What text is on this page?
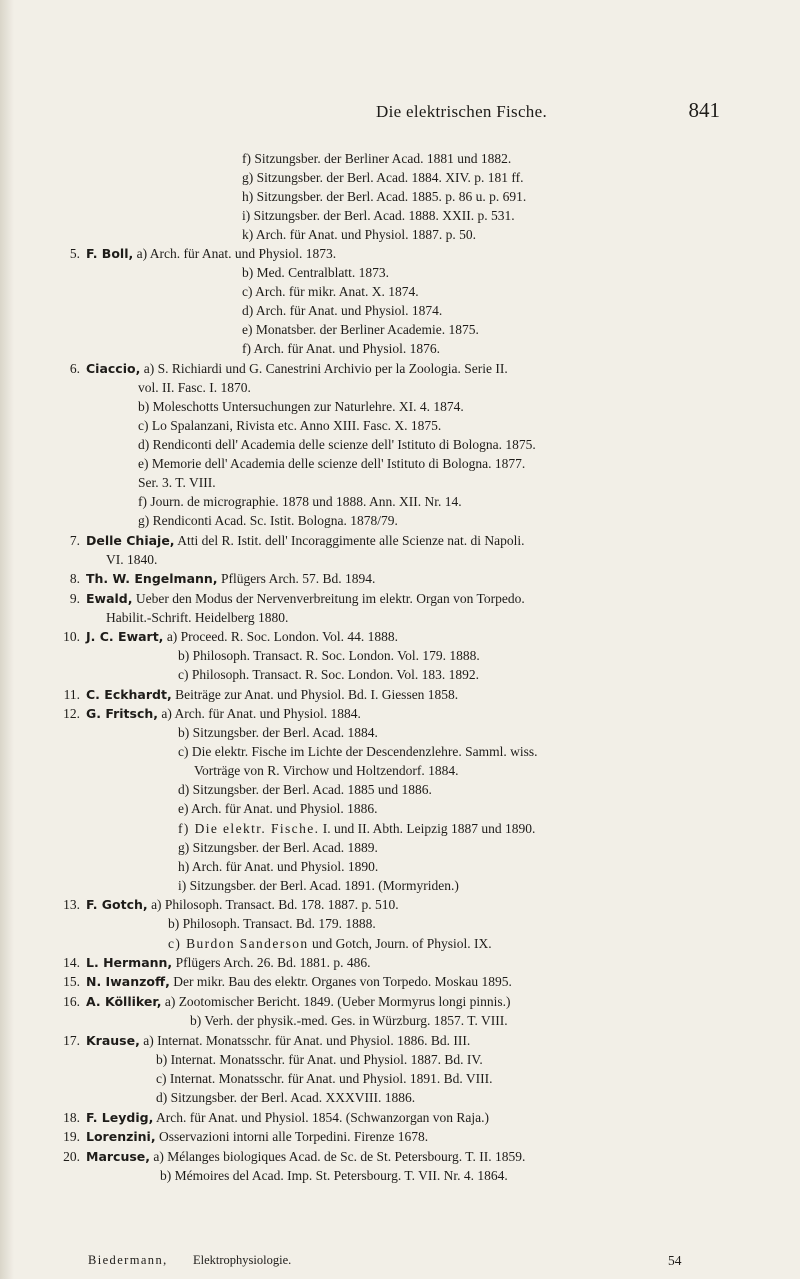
Die elektrischen Fische.	841
f) Sitzungsber. der Berliner Acad. 1881 und 1882.
g) Sitzungsber. der Berl. Acad. 1884. XIV. p. 181 ff.
h) Sitzungsber. der Berl. Acad. 1885. p. 86 u. p. 691.
i) Sitzungsber. der Berl. Acad. 1888. XXII. p. 531.
k) Arch. für Anat. und Physiol. 1887. p. 50.
5. F. Boll, a) Arch. für Anat. und Physiol. 1873.
b) Med. Centralblatt. 1873.
c) Arch. für mikr. Anat. X. 1874.
d) Arch. für Anat. und Physiol. 1874.
e) Monatsber. der Berliner Academie. 1875.
f) Arch. für Anat. und Physiol. 1876.
6. Ciaccio, a) S. Richiardi und G. Canestrini Archivio per la Zoologia. Serie II.
vol. II. Fasc. I. 1870.
b) Moleschotts Untersuchungen zur Naturlehre. XI. 4. 1874.
c) Lo Spalanzani, Rivista etc. Anno XIII. Fasc. X. 1875.
d) Rendiconti dell' Academia delle scienze dell' Istituto di Bologna. 1875.
e) Memorie dell' Academia delle scienze dell' Istituto di Bologna. 1877.
Ser. 3. T. VIII.
f) Journ. de micrographie. 1878 und 1888. Ann. XII. Nr. 14.
g) Rendiconti Acad. Sc. Istit. Bologna. 1878/79.
7. Delle Chiaje, Atti del R. Istit. dell' Incoraggimente alle Scienze nat. di Napoli.
VI. 1840.
8. Th. W. Engelmann, Pflügers Arch. 57. Bd. 1894.
9. Ewald, Ueber den Modus der Nervenverbreitung im elektr. Organ von Torpedo.
Habilit.-Schrift. Heidelberg 1880.
10. J. C. Ewart, a) Proceed. R. Soc. London. Vol. 44. 1888.
b) Philosoph. Transact. R. Soc. London. Vol. 179. 1888.
c) Philosoph. Transact. R. Soc. London. Vol. 183. 1892.
11. C. Eckhardt, Beiträge zur Anat. und Physiol. Bd. I. Giessen 1858.
12. G. Fritsch, a) Arch. für Anat. und Physiol. 1884.
b) Sitzungsber. der Berl. Acad. 1884.
c) Die elektr. Fische im Lichte der Descendenzlehre. Samml. wiss.
Vorträge von R. Virchow und Holtzendorf. 1884.
d) Sitzungsber. der Berl. Acad. 1885 und 1886.
e) Arch. für Anat. und Physiol. 1886.
f) Die elektr. Fische. I. und II. Abth. Leipzig 1887 und 1890.
g) Sitzungsber. der Berl. Acad. 1889.
h) Arch. für Anat. und Physiol. 1890.
i) Sitzungsber. der Berl. Acad. 1891. (Mormyriden.)
13. F. Gotch, a) Philosoph. Transact. Bd. 178. 1887. p. 510.
b) Philosoph. Transact. Bd. 179. 1888.
c) Burdon Sanderson und Gotch, Journ. of Physiol. IX.
14. L. Hermann, Pflügers Arch. 26. Bd. 1881. p. 486.
15. N. Iwanzoff, Der mikr. Bau des elektr. Organes von Torpedo. Moskau 1895.
16. A. Kölliker, a) Zootomischer Bericht. 1849. (Ueber Mormyrus longi pinnis.)
b) Verh. der physik.-med. Ges. in Würzburg. 1857. T. VIII.
17. Krause, a) Internat. Monatsschr. für Anat. und Physiol. 1886. Bd. III.
b) Internat. Monatsschr. für Anat. und Physiol. 1887. Bd. IV.
c) Internat. Monatsschr. für Anat. und Physiol. 1891. Bd. VIII.
d) Sitzungsber. der Berl. Acad. XXXVIII. 1886.
18. F. Leydig, Arch. für Anat. und Physiol. 1854. (Schwanzorgan von Raja.)
19. Lorenzini, Osservazioni intorni alle Torpedini. Firenze 1678.
20. Marcuse, a) Mélanges biologiques Acad. de Sc. de St. Petersbourg. T. II. 1859.
b) Mémoires del Acad. Imp. St. Petersbourg. T. VII. Nr. 4. 1864.
Biedermann, Elektrophysiologie.	54
